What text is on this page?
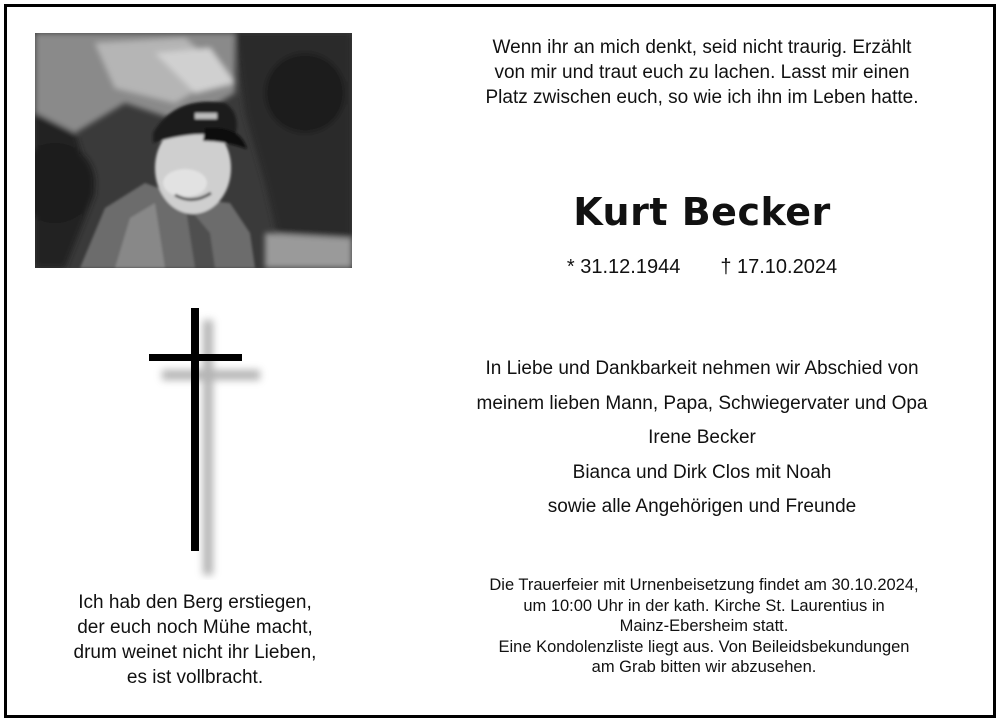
Wenn ihr an mich denkt, seid nicht traurig. Erzählt
von mir und traut euch zu lachen. Lasst mir einen
Platz zwischen euch, so wie ich ihn im Leben hatte.
Kurt Becker
* 31.12.1944 † 17.10.2024
In Liebe und Dankbarkeit nehmen wir Abschied von
meinem lieben Mann, Papa, Schwiegervater und Opa
Irene Becker
Bianca und Dirk Clos mit Noah
sowie alle Angehörigen und Freunde
Ich hab den Berg erstiegen,
der euch noch Mühe macht,
drum weinet nicht ihr Lieben,
es ist vollbracht.
Die Trauerfeier mit Urnenbeisetzung findet am 30.10.2024,
um 10:00 Uhr in der kath. Kirche St. Laurentius in
Mainz-Ebersheim statt.
Eine Kondolenzliste liegt aus. Von Beileidsbekundungen
am Grab bitten wir abzusehen.
